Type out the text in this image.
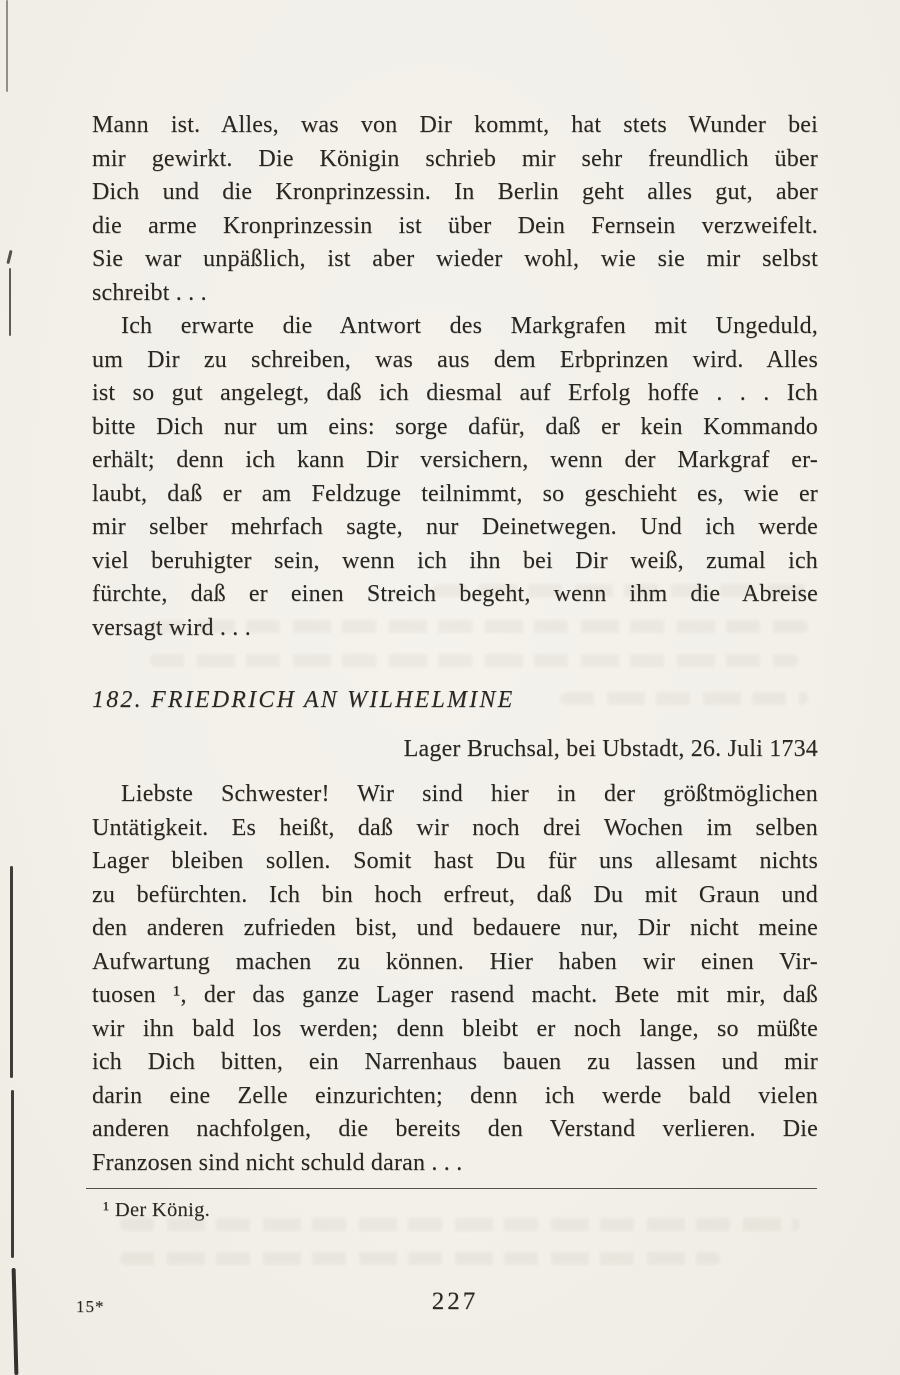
Mann ist. Alles, was von Dir kommt, hat stets Wunder bei
mir gewirkt. Die Königin schrieb mir sehr freundlich über
Dich und die Kronprinzessin. In Berlin geht alles gut, aber
die arme Kronprinzessin ist über Dein Fernsein verzweifelt.
Sie war unpäßlich, ist aber wieder wohl, wie sie mir selbst
schreibt . . .
Ich erwarte die Antwort des Markgrafen mit Ungeduld,
um Dir zu schreiben, was aus dem Erbprinzen wird. Alles
ist so gut angelegt, daß ich diesmal auf Erfolg hoffe . . . Ich
bitte Dich nur um eins: sorge dafür, daß er kein Kommando
erhält; denn ich kann Dir versichern, wenn der Markgraf er-
laubt, daß er am Feldzuge teilnimmt, so geschieht es, wie er
mir selber mehrfach sagte, nur Deinetwegen. Und ich werde
viel beruhigter sein, wenn ich ihn bei Dir weiß, zumal ich
fürchte, daß er einen Streich begeht, wenn ihm die Abreise
versagt wird . . .
182. FRIEDRICH AN WILHELMINE
Lager Bruchsal, bei Ubstadt, 26. Juli 1734
Liebste Schwester! Wir sind hier in der größtmöglichen
Untätigkeit. Es heißt, daß wir noch drei Wochen im selben
Lager bleiben sollen. Somit hast Du für uns allesamt nichts
zu befürchten. Ich bin hoch erfreut, daß Du mit Graun und
den anderen zufrieden bist, und bedauere nur, Dir nicht meine
Aufwartung machen zu können. Hier haben wir einen Vir-
tuosen ¹, der das ganze Lager rasend macht. Bete mit mir, daß
wir ihn bald los werden; denn bleibt er noch lange, so müßte
ich Dich bitten, ein Narrenhaus bauen zu lassen und mir
darin eine Zelle einzurichten; denn ich werde bald vielen
anderen nachfolgen, die bereits den Verstand verlieren. Die
Franzosen sind nicht schuld daran . . .
¹ Der König.
15*	227
